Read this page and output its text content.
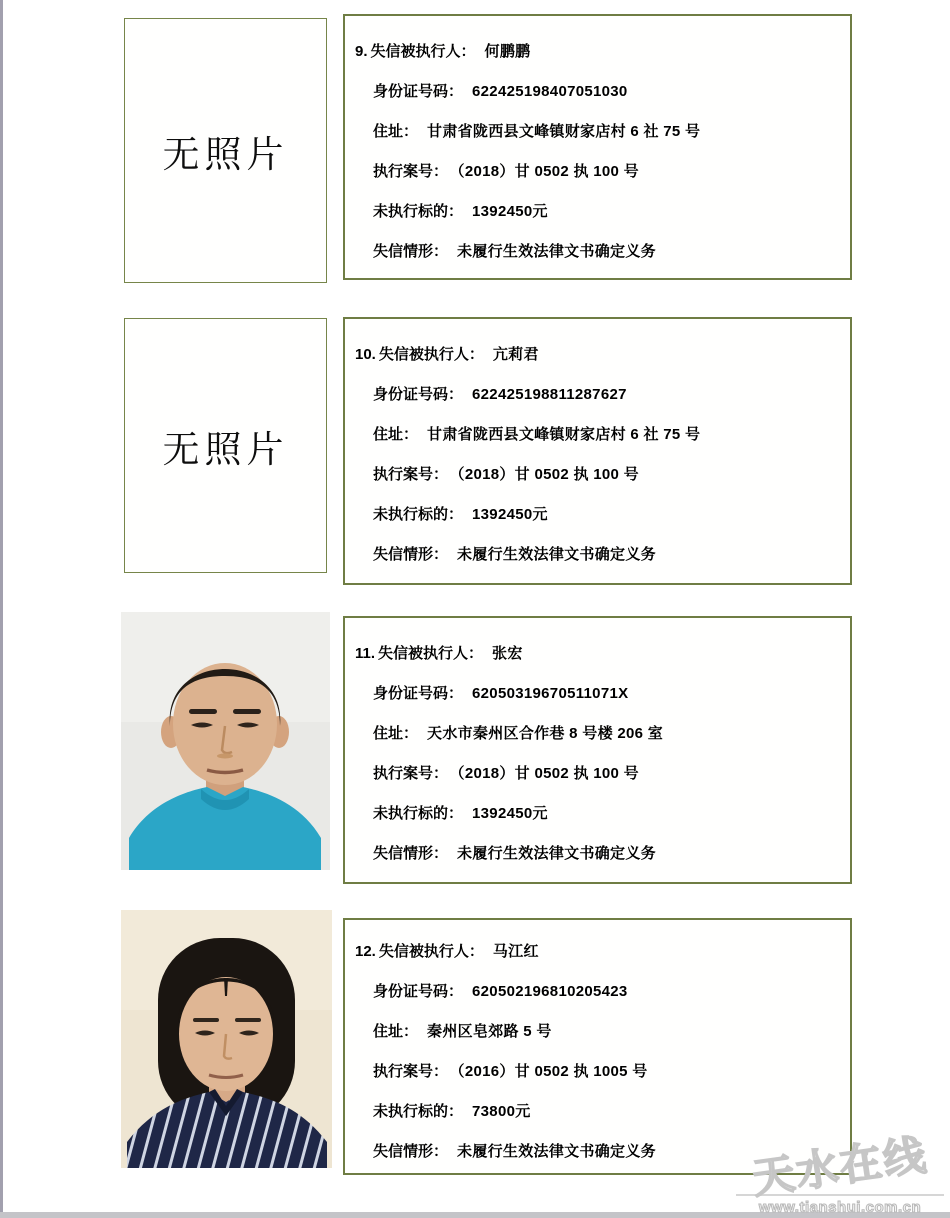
无照片
9. 失信被执行人： 何鹏鹏
身份证号码： 622425198407051030
住址： 甘肃省陇西县文峰镇财家店村 6 社 75 号
执行案号： （2018）甘 0502 执 100 号
未执行标的： 1392450元
失信情形： 未履行生效法律文书确定义务
无照片
10. 失信被执行人： 亢莉君
身份证号码： 622425198811287627
住址： 甘肃省陇西县文峰镇财家店村 6 社 75 号
执行案号： （2018）甘 0502 执 100 号
未执行标的： 1392450元
失信情形： 未履行生效法律文书确定义务
11. 失信被执行人： 张宏
身份证号码： 62050319670511071X
住址： 天水市秦州区合作巷 8 号楼 206 室
执行案号： （2018）甘 0502 执 100 号
未执行标的： 1392450元
失信情形： 未履行生效法律文书确定义务
12. 失信被执行人： 马江红
身份证号码： 620502196810205423
住址： 秦州区皂郊路 5 号
执行案号： （2016）甘 0502 执 1005 号
未执行标的： 73800元
失信情形： 未履行生效法律文书确定义务	天水在线
www.tianshui.com.cn
